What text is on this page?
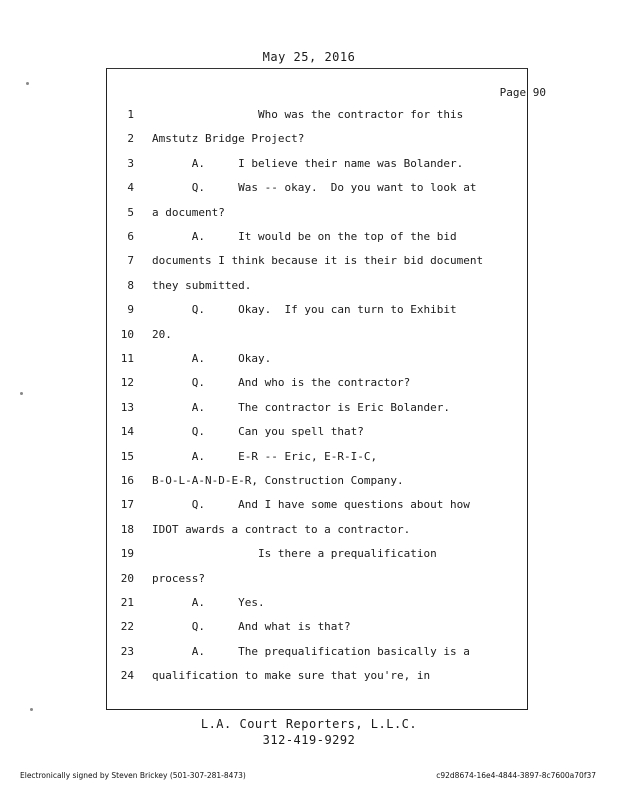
May 25, 2016
Page 90
1 Who was the contractor for this
2 Amstutz Bridge Project?
3 A.     I believe their name was Bolander.
4 Q.     Was -- okay.  Do you want to look at
5 a document?
6 A.     It would be on the top of the bid
7 documents I think because it is their bid document
8 they submitted.
9 Q.     Okay.  If you can turn to Exhibit
10 20.
11 A.     Okay.
12 Q.     And who is the contractor?
13 A.     The contractor is Eric Bolander.
14 Q.     Can you spell that?
15 A.     E-R -- Eric, E-R-I-C,
16 B-O-L-A-N-D-E-R, Construction Company.
17 Q.     And I have some questions about how
18 IDOT awards a contract to a contractor.
19 Is there a prequalification
20 process?
21 A.     Yes.
22 Q.     And what is that?
23 A.     The prequalification basically is a
24 qualification to make sure that you're, in
L.A. Court Reporters, L.L.C.
312-419-9292
Electronically signed by Steven Brickey (501-307-281-8473)	c92d8674-16e4-4844-3897-8c7600a70f37
